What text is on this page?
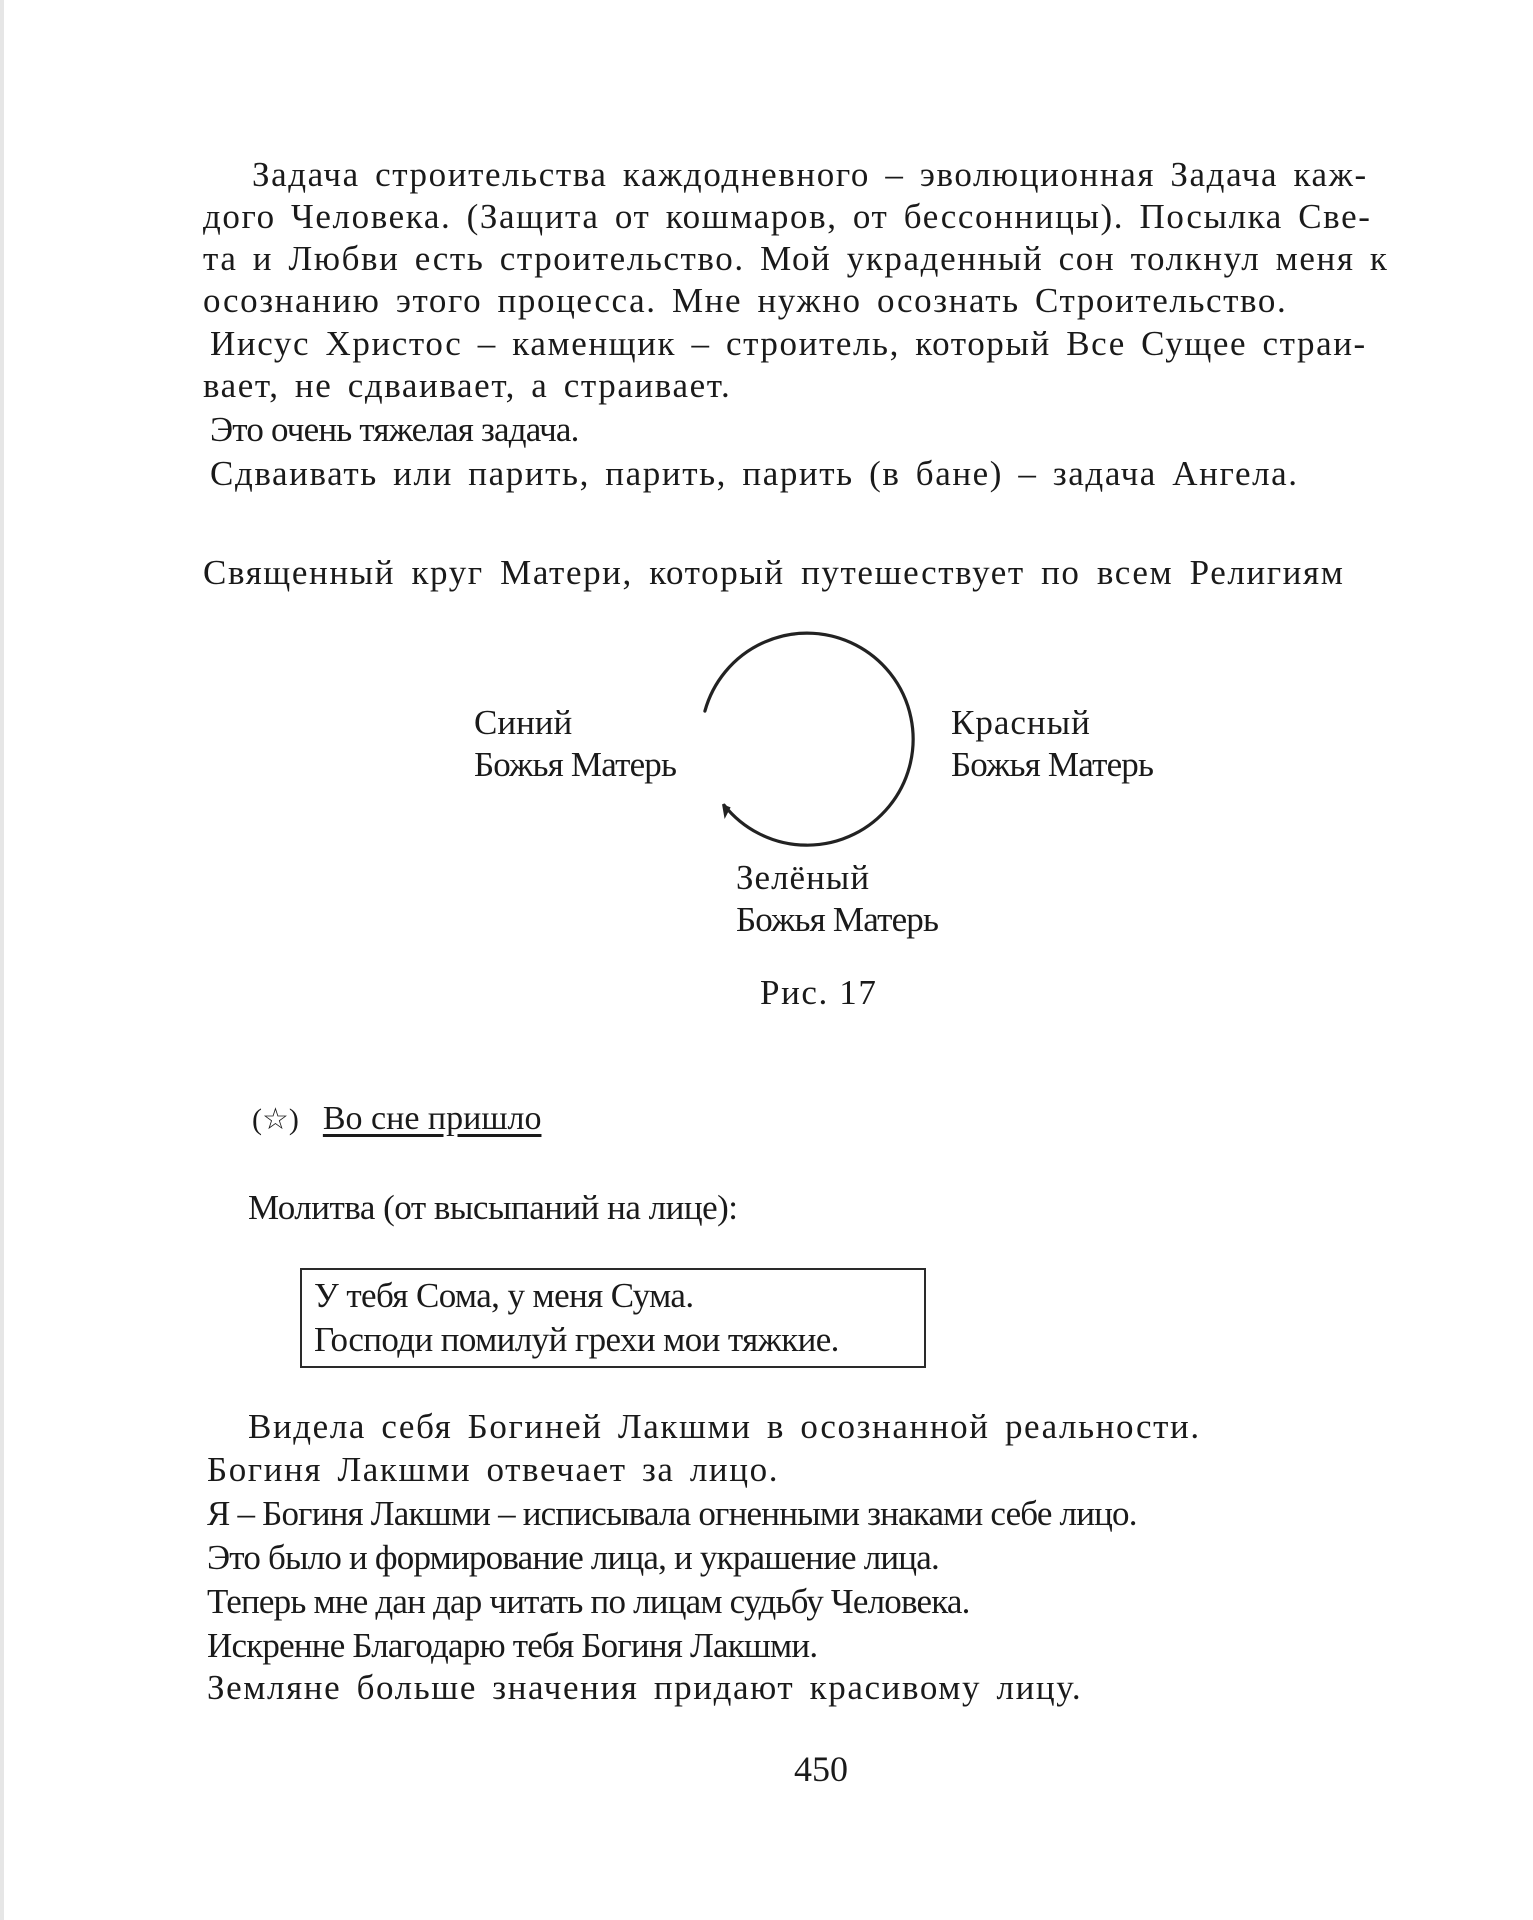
Задача строительства каждодневного – эволюционная Задача каж-
дого Человека. (Защита от кошмаров, от бессонницы). Посылка Све-
та и Любви есть строительство. Мой украденный сон толкнул меня к
осознанию этого процесса. Мне нужно осознать Строительство.
Иисус Христос – каменщик – строитель, который Все Сущее страи-
вает, не сдваивает, а страивает.
Это очень тяжелая задача.
Сдваивать или парить, парить, парить (в бане) – задача Ангела.
Священный круг Матери, который путешествует по всем Религиям
Синий
Божья Матерь
Красный
Божья Матерь
Зелёный
Божья Матерь
Рис. 17
(☆) Во сне пришло
Молитва (от высыпаний на лице):
У тебя Сома, у меня Сума.
Господи помилуй грехи мои тяжкие.
Видела себя Богиней Лакшми в осознанной реальности.
Богиня Лакшми отвечает за лицо.
Я – Богиня Лакшми – исписывала огненными знаками себе лицо.
Это было и формирование лица, и украшение лица.
Теперь мне дан дар читать по лицам судьбу Человека.
Искренне Благодарю тебя Богиня Лакшми.
Земляне больше значения придают красивому лицу.
450
